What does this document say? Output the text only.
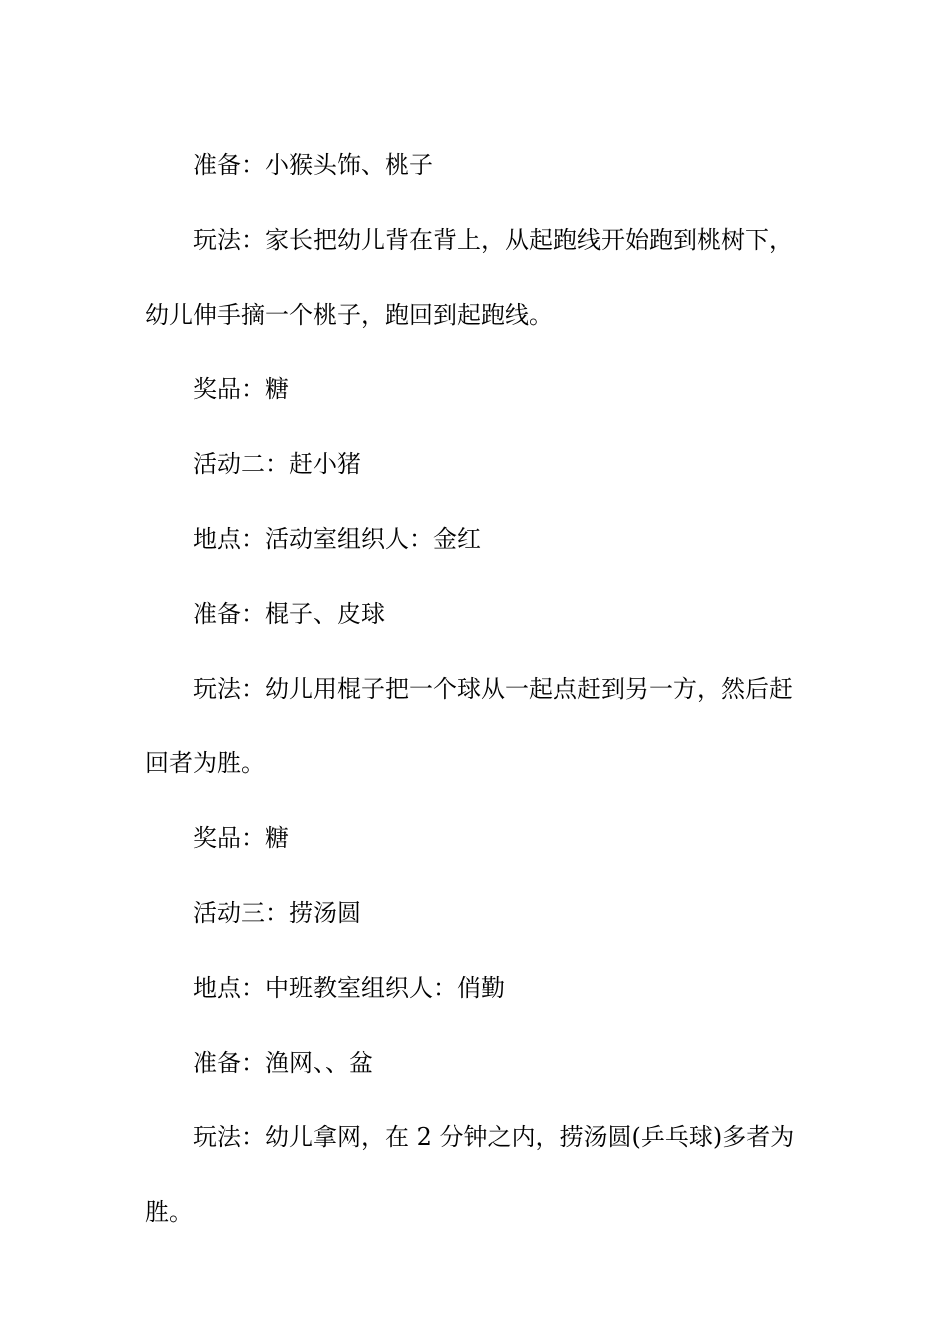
准备：小猴头饰、桃子
玩法：家长把幼儿背在背上，从起跑线开始跑到桃树下，
幼儿伸手摘一个桃子，跑回到起跑线。
奖品：糖
活动二：赶小猪
地点：活动室组织人：金红
准备：棍子、皮球
玩法：幼儿用棍子把一个球从一起点赶到另一方，然后赶
回者为胜。
奖品：糖
活动三：捞汤圆
地点：中班教室组织人：俏勤
准备：渔网、、盆
玩法：幼儿拿网，在 2 分钟之内，捞汤圆(乒乓球)多者为
胜。
